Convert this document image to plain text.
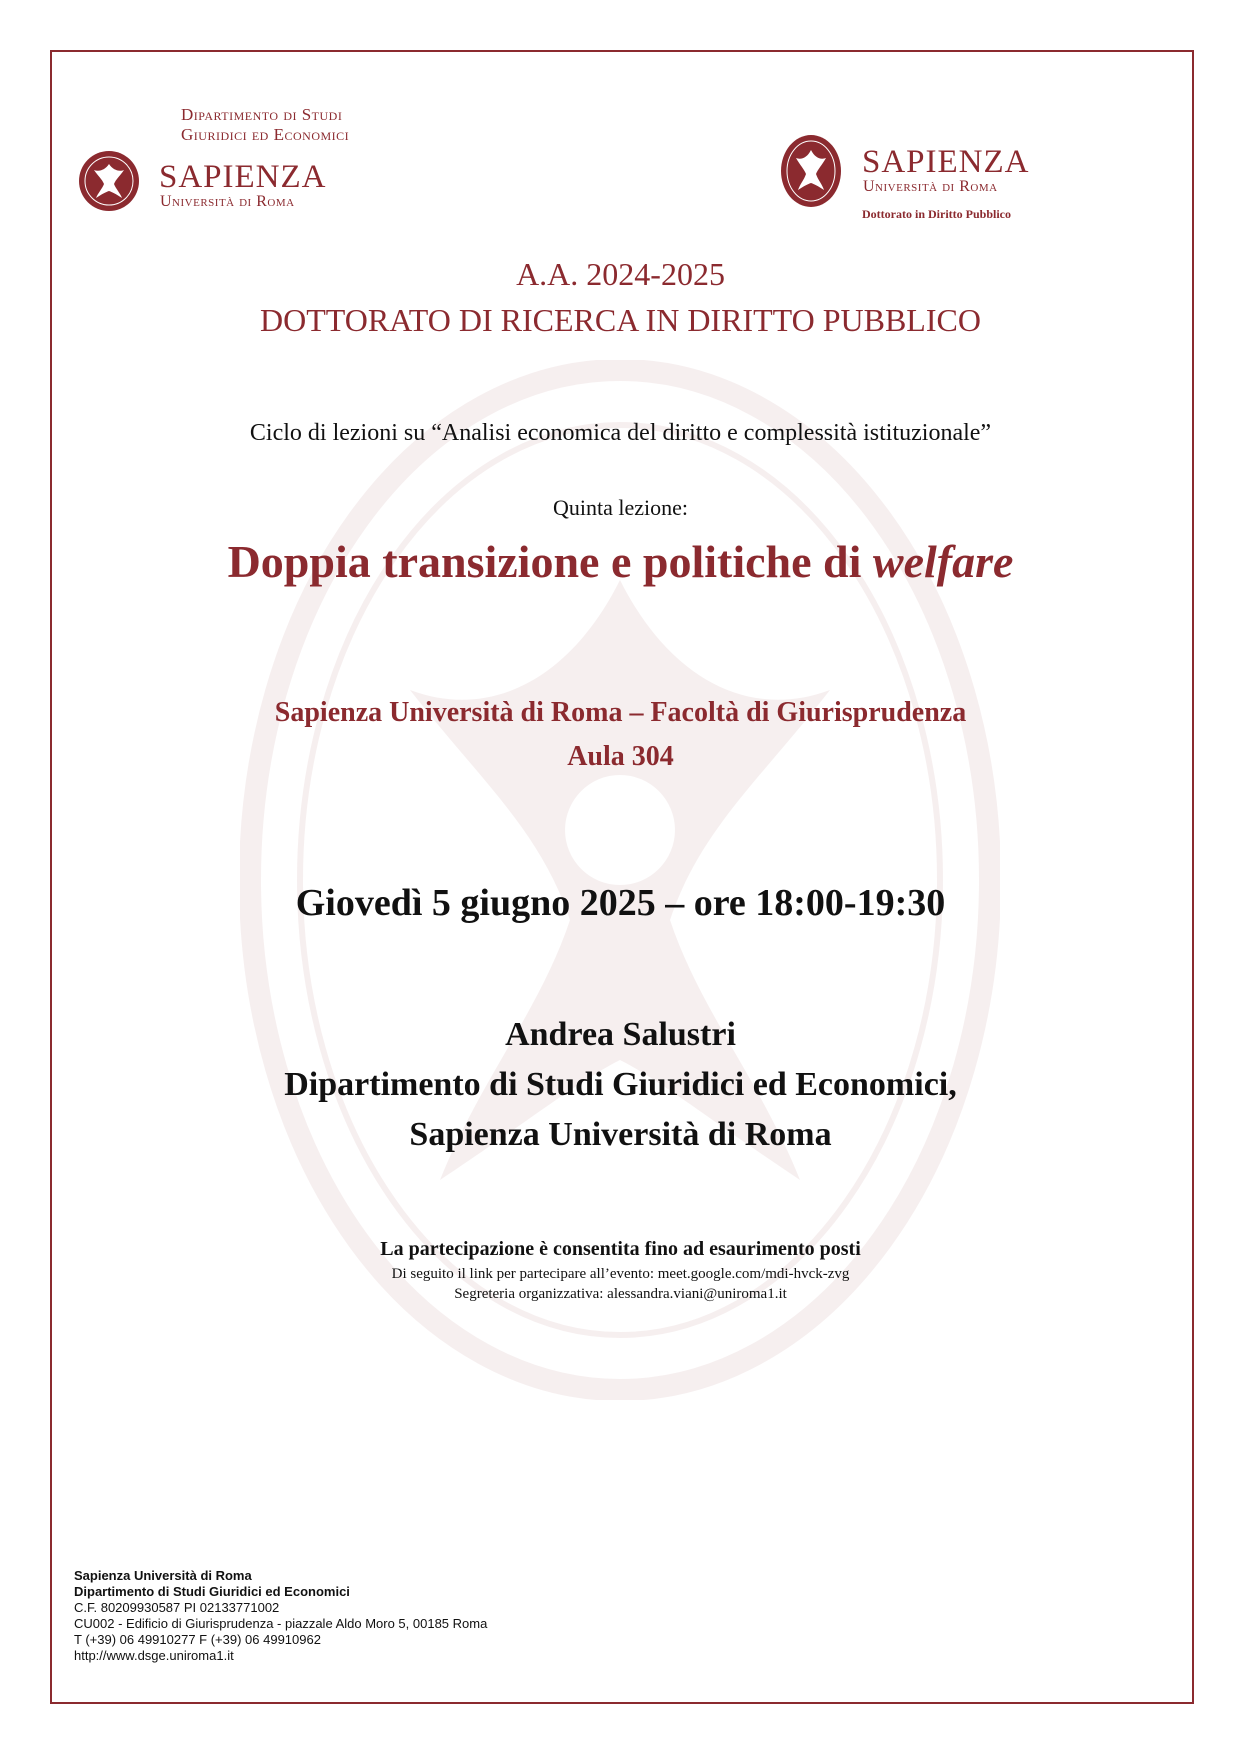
Dipartimento di Studi
Giuridici ed Economici
SAPIENZA
Università di Roma
SAPIENZA
Università di Roma
Dottorato in Diritto Pubblico
A.A. 2024-2025
DOTTORATO DI RICERCA IN DIRITTO PUBBLICO
Ciclo di lezioni su “Analisi economica del diritto e complessità istituzionale”
Quinta lezione:
Doppia transizione e politiche di welfare
Sapienza Università di Roma – Facoltà di Giurisprudenza
Aula 304
Giovedì 5 giugno 2025 – ore 18:00-19:30
Andrea Salustri
Dipartimento di Studi Giuridici ed Economici,
Sapienza Università di Roma
La partecipazione è consentita fino ad esaurimento posti
Di seguito il link per partecipare all’evento: meet.google.com/mdi-hvck-zvg
Segreteria organizzativa: alessandra.viani@uniroma1.it
Sapienza Università di Roma
Dipartimento di Studi Giuridici ed Economici
C.F. 80209930587 PI 02133771002
CU002 - Edificio di Giurisprudenza - piazzale Aldo Moro 5, 00185 Roma
T (+39) 06 49910277 F (+39) 06 49910962
http://www.dsge.uniroma1.it
